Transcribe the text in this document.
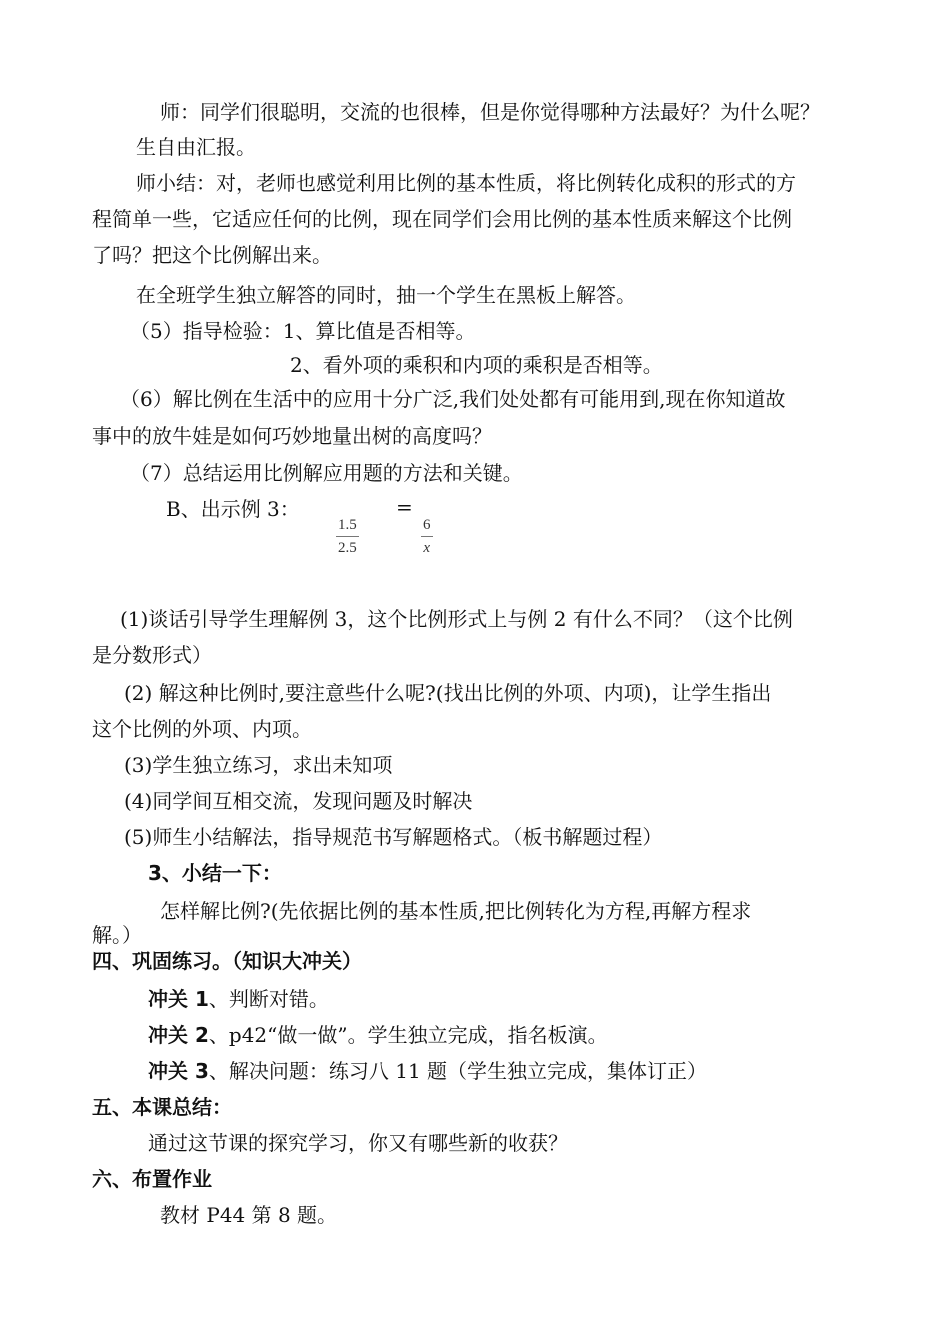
师：同学们很聪明，交流的也很棒，但是你觉得哪种方法最好？为什么呢？
生自由汇报。
师小结：对，老师也感觉利用比例的基本性质，将比例转化成积的形式的方
程简单一些，它适应任何的比例，现在同学们会用比例的基本性质来解这个比例
了吗？把这个比例解出来。
在全班学生独立解答的同时，抽一个学生在黑板上解答。
（5）指导检验：1、算比值是否相等。
2、看外项的乘积和内项的乘积是否相等。
（6）解比例在生活中的应用十分广泛,我们处处都有可能用到,现在你知道故
事中的放牛娃是如何巧妙地量出树的高度吗？
（7）总结运用比例解应用题的方法和关键。
B、出示例 3：	=
1.5
2.5
6
x
(1)谈话引导学生理解例 3，这个比例形式上与例 2 有什么不同？（这个比例
是分数形式）
(2) 解这种比例时,要注意些什么呢?(找出比例的外项、内项)，让学生指出
这个比例的外项、内项。
(3)学生独立练习，求出未知项
(4)同学间互相交流，发现问题及时解决
(5)师生小结解法，指导规范书写解题格式。（板书解题过程）
3、小结一下：
怎样解比例?(先依据比例的基本性质,把比例转化为方程,再解方程求
解。）
四、巩固练习。（知识大冲关）
冲关 1、判断对错。
冲关 2、p42“做一做”。学生独立完成，指名板演。
冲关 3、解决问题：练习八 11 题（学生独立完成，集体订正）
五、本课总结：
通过这节课的探究学习，你又有哪些新的收获？
六、布置作业
教材 P44 第 8 题。
